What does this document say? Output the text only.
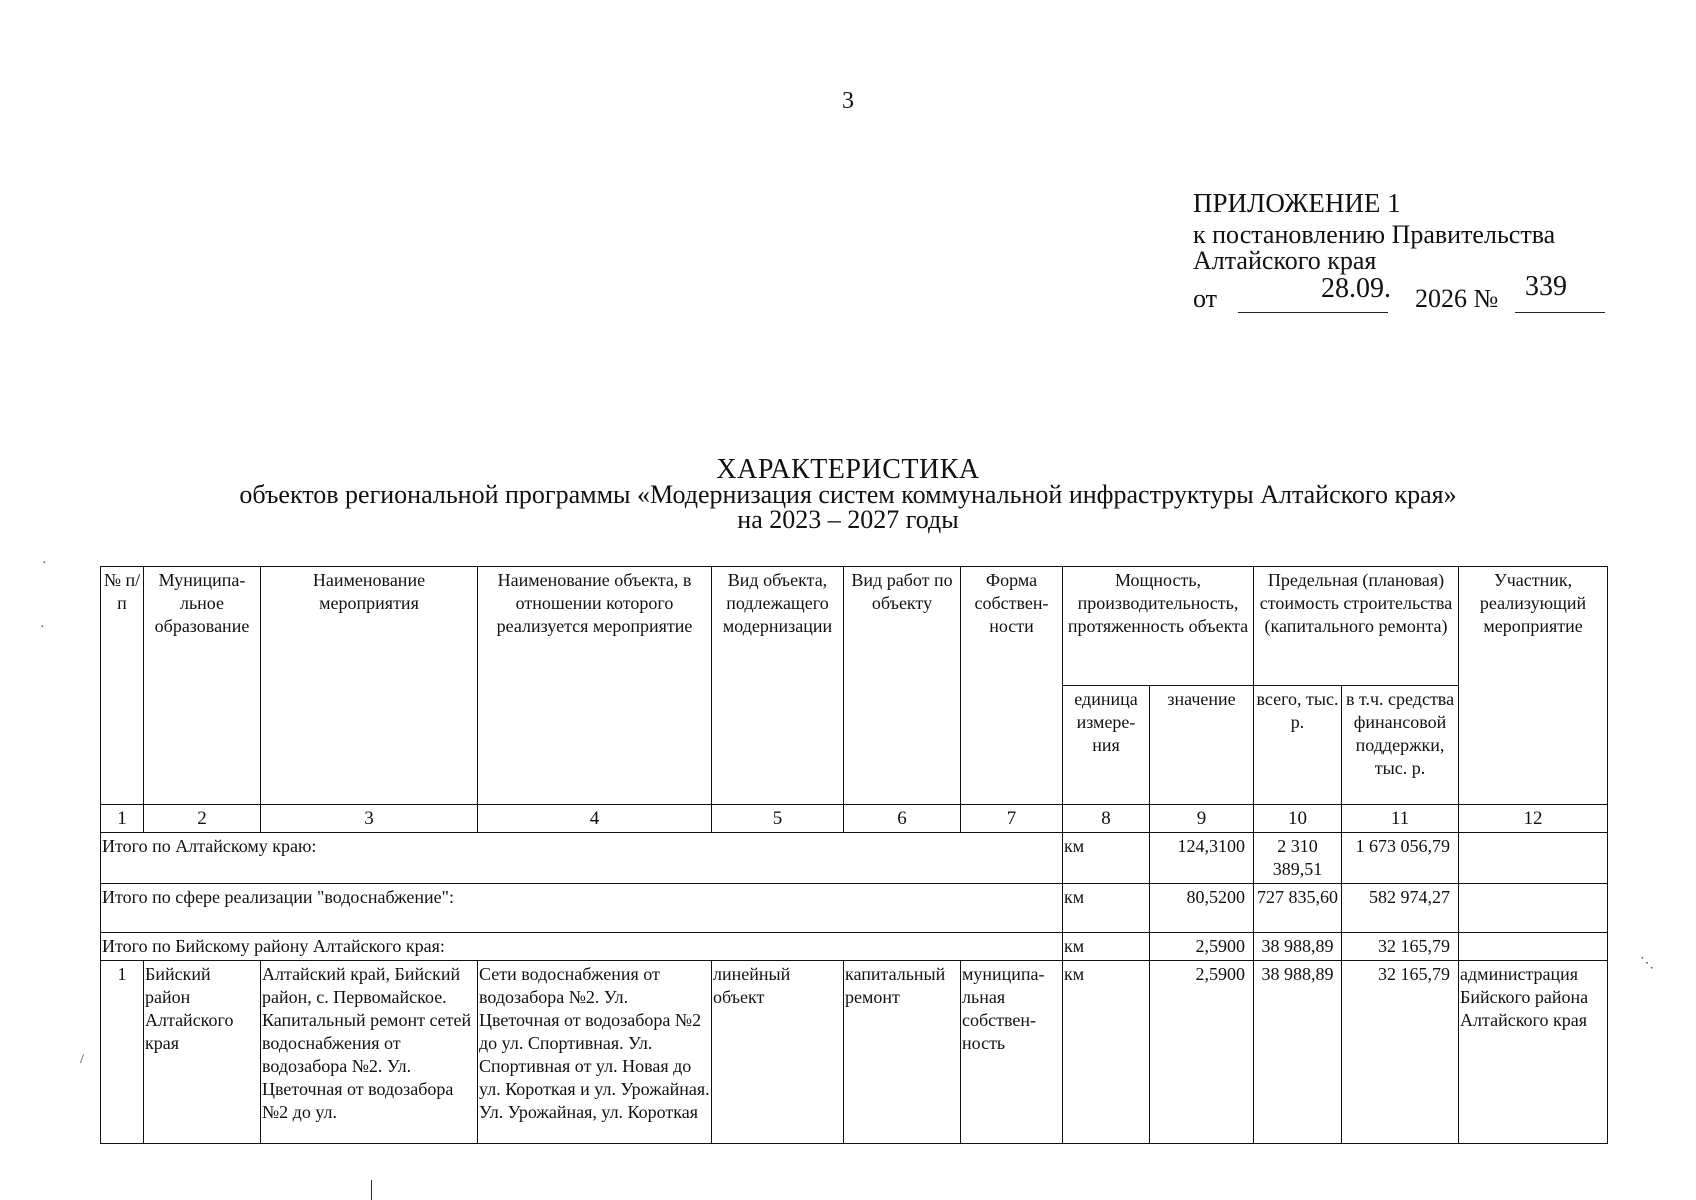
3
ПРИЛОЖЕНИЕ 1
к постановлению Правительства
Алтайского края
от	28.09. 2026 № 339
ХАРАКТЕРИСТИКА
объектов региональной программы «Модернизация систем коммунальной инфраструктуры Алтайского края»
на 2023 – 2027 годы
№ п/п	Муниципа-льное образование	Наименование мероприятия	Наименование объекта, в отношении которого реализуется мероприятие	Вид объекта, подлежащего модернизации	Вид работ по объекту	Форма собствен-ности	Мощность, производительность, протяженность объекта		Предельная (плановая) стоимость строительства (капитального ремонта)		Участник, реализующий мероприятие
							единица измере-ния	значение	всего, тыс. р.	в т.ч. средства финансовой поддержки, тыс. р.	
1	2	3	4	5	6	7	8	9	10	11	12
Итого по Алтайскому краю:							км	124,3100	2 310 389,51	1 673 056,79	
Итого по сфере реализации "водоснабжение":							км	80,5200	727 835,60	582 974,27	
Итого по Бийскому району Алтайского края:							км	2,5900	38 988,89	32 165,79	
1	Бийский район Алтайского края	Алтайский край, Бийский район, с. Первомайское. Капитальный ремонт сетей водоснабжения от водозабора №2. Ул. Цветочная от водозабора №2 до ул.	Сети водоснабжения от водозабора №2. Ул. Цветочная от водозабора №2 до ул. Спортивная. Ул. Спортивная от ул. Новая до ул. Короткая и ул. Урожайная. Ул. Урожайная, ул. Короткая	линейный объект	капитальный ремонт	муниципа-льная собствен-ность	км	2,5900	38 988,89	32 165,79	администрация Бийского района Алтайского края
·
·
/
⋱
